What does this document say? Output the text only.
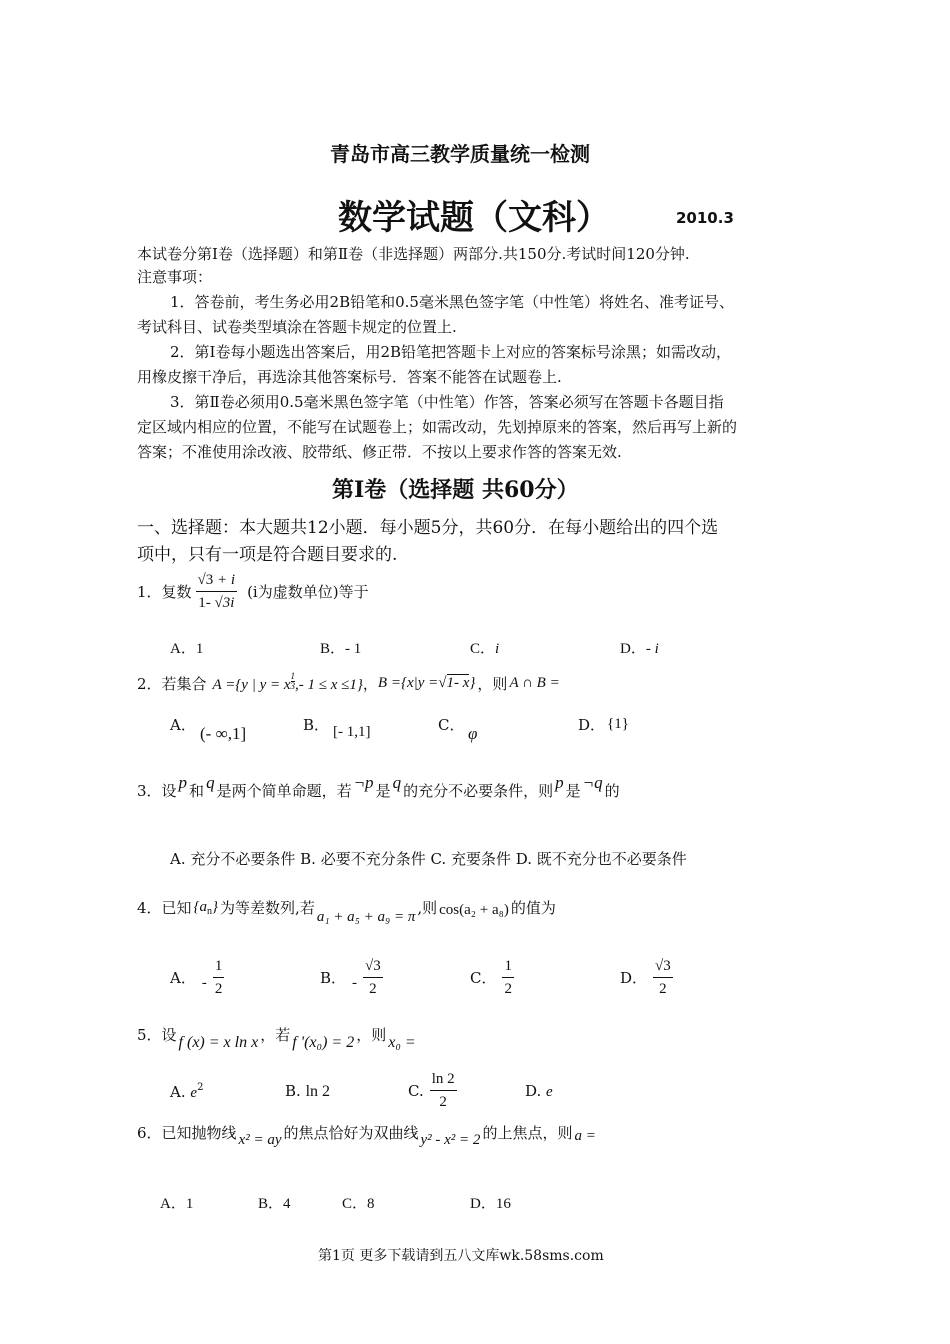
青岛市高三教学质量统一检测
数学试题（文科）	2010.3
本试卷分第Ⅰ卷（选择题）和第Ⅱ卷（非选择题）两部分.共150分.考试时间120分钟.
注意事项：
1．答卷前，考生务必用2B铅笔和0.5毫米黑色签字笔（中性笔）将姓名、准考证号、
考试科目、试卷类型填涂在答题卡规定的位置上.
2．第Ⅰ卷每小题选出答案后，用2B铅笔把答题卡上对应的答案标号涂黑；如需改动，
用橡皮擦干净后，再选涂其他答案标号．答案不能答在试题卷上.
3．第Ⅱ卷必须用0.5毫米黑色签字笔（中性笔）作答，答案必须写在答题卡各题目指
定区域内相应的位置，不能写在试题卷上；如需改动，先划掉原来的答案，然后再写上新的
答案；不准使用涂改液、胶带纸、修正带．不按以上要求作答的答案无效.
第Ⅰ卷（选择题 共60分）
一、选择题：本大题共12小题．每小题5分，共60分．在每小题给出的四个选
项中，只有一项是符合题目要求的.
1．复数 $\frac{√3 + i}{1- √3i} (i$为虚数单位)等于
A．1	B．- 1	C．i	D．- i
2．若集合 A ={y | y = x $\frac{1}{3}$ ,- 1 ≤ x ≤1} ， B ={x|y =√1- x} ，则 A ∩ B =
A． (- ∞,1]	B． [- 1,1]	C． φ	D． {1}
3．设 p 和 q 是两个简单命题，若 ¬p 是 q 的充分不必要条件，则 p 是 ¬q 的
A. 充分不必要条件 B. 必要不充分条件 C. 充要条件 D. 既不充分也不必要条件
4．已知 $\{a_n\}$ 为等差数列,若 a₁ + a₅ + a₉ = π ,则 cos(a₂ + a₈) 的值为
A． - $\frac{1}{2}$	B． - $\frac{√3}{2}$	C． $\frac{1}{2}$	D． $\frac{√3}{2}$
5．设 f (x) = x ln x ，若 f '(x₀) = 2 ，则 x₀ =
A. $e^2$	B. ln 2	C. $\frac{\ln 2}{2}$	D. e
6．已知抛物线 x² = ay 的焦点恰好为双曲线 y² - x² = 2 的上焦点，则 a =
A．1	B．4	C．8	D．16
第1页 更多下载请到五八文库wk.58sms.com
